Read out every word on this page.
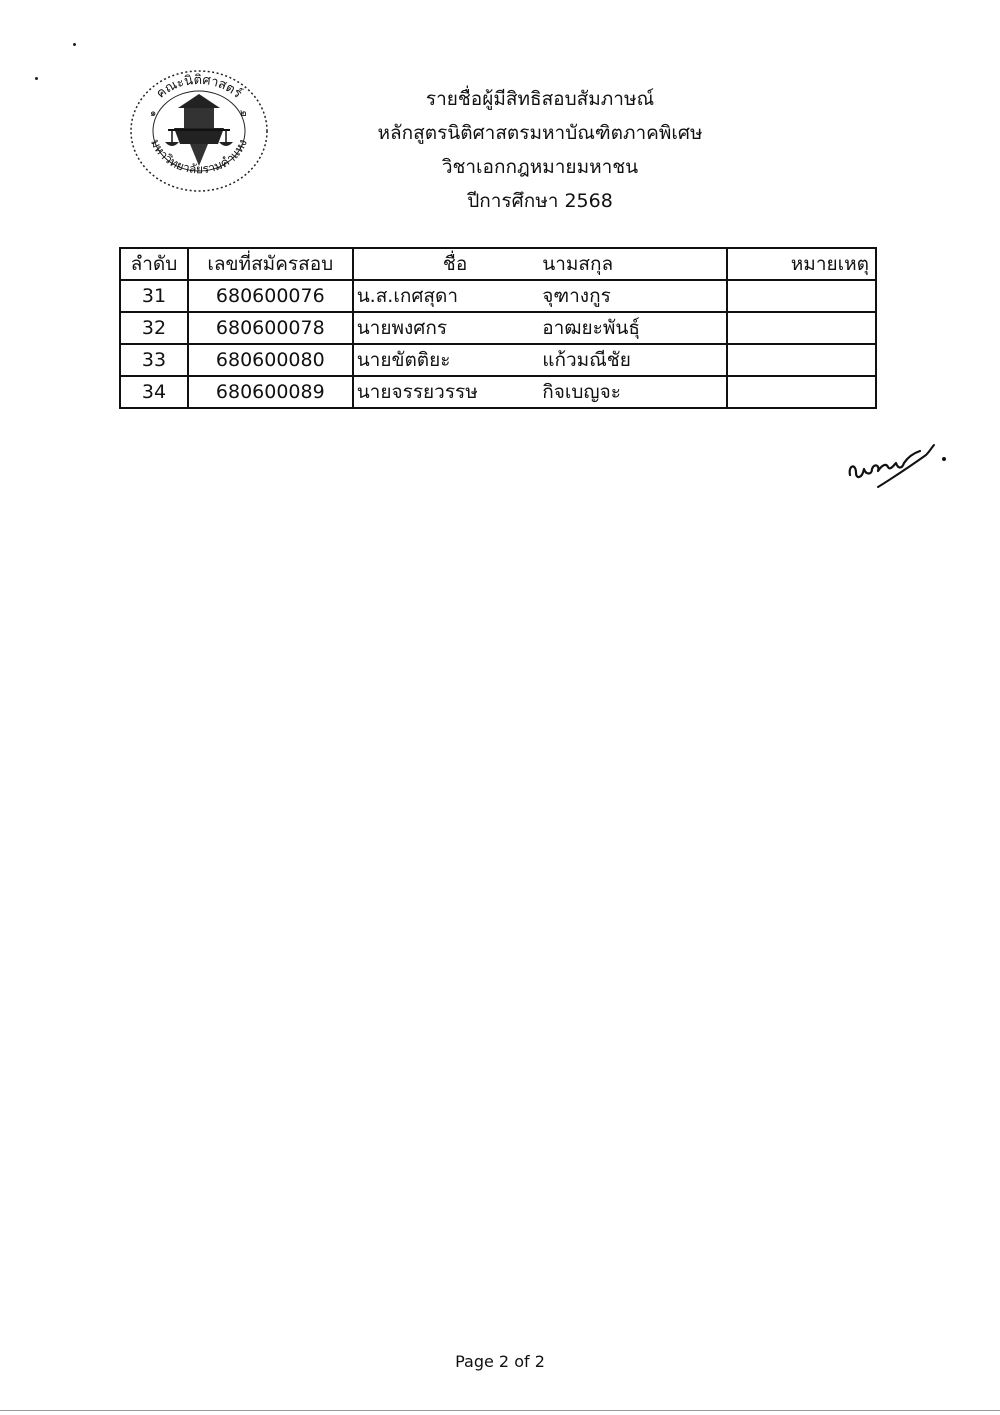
คณะนิติศาสตร์
มหาวิทยาลัยรามคำแหง
๑	๒
รายชื่อผู้มีสิทธิสอบสัมภาษณ์
หลักสูตรนิติศาสตรมหาบัณฑิตภาคพิเศษ
วิชาเอกกฎหมายมหาชน
ปีการศึกษา 2568
ลำดับ	เลขที่สมัครสอบ	ชื่อ	นามสกุล	หมายเหตุ
31	680600076	น.ส.เกศสุดา	จุฑางกูร	
32	680600078	นายพงศกร	อาฒยะพันธุ์	
33	680600080	นายขัตติยะ	แก้วมณีชัย	
34	680600089	นายจรรยวรรษ	กิจเบญจะ	
Page 2 of 2
